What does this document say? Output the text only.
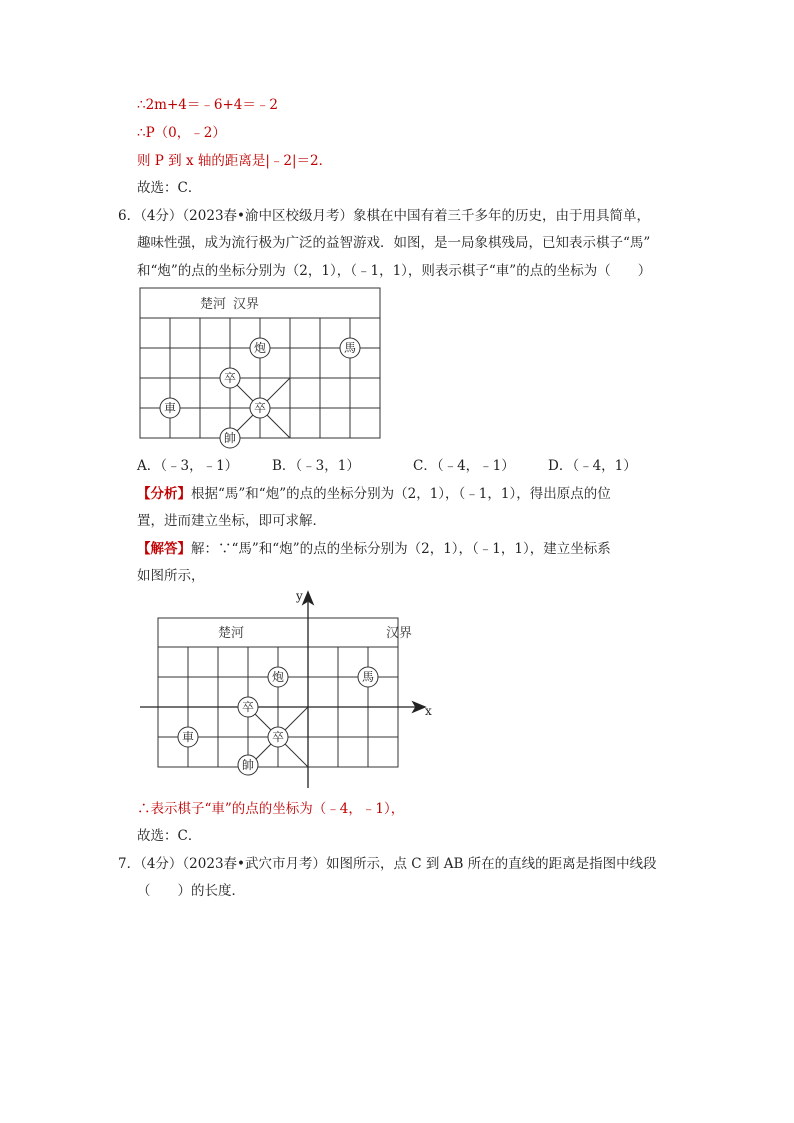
∴2m+4＝﹣6+4＝﹣2
∴P（0，﹣2）
则 P 到 x 轴的距离是|﹣2|＝2．
故选：C．
6．（4分）（2023春•渝中区校级月考）象棋在中国有着三千多年的历史，由于用具简单，
趣味性强，成为流行极为广泛的益智游戏．如图，是一局象棋残局，已知表示棋子“馬”
和“炮”的点的坐标分别为（2，1），（﹣1，1），则表示棋子“車”的点的坐标为（　　）
楚河 汉界
炮	馬
卒
車	卒
帥
A．（﹣3，﹣1）	B．（﹣3，1）	C．（﹣4，﹣1） D．（﹣4，1）
【分析】根据“馬”和“炮”的点的坐标分别为（2，1），（﹣1，1），得出原点的位
置，进而建立坐标，即可求解．
【解答】解：∵“馬”和“炮”的点的坐标分别为（2，1），（﹣1，1），建立坐标系
如图所示，
x
y
楚河	汉界
炮	馬
卒
車	卒
帥
∴表示棋子“車”的点的坐标为（﹣4，﹣1），
故选：C．
7．（4分）（2023春•武穴市月考）如图所示，点 C 到 AB 所在的直线的距离是指图中线段
（　　）的长度．
